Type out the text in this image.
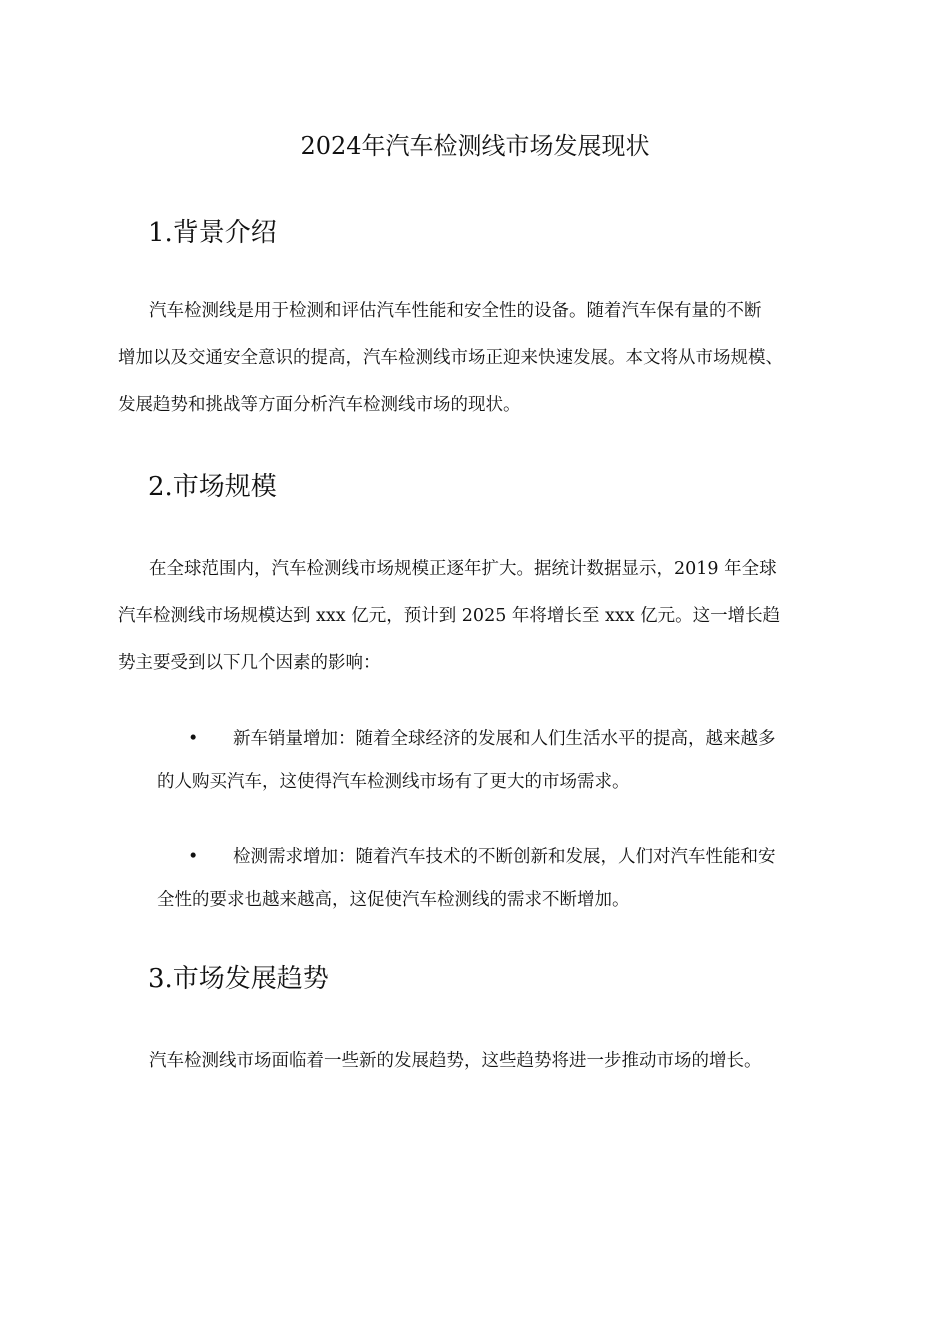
2024年汽车检测线市场发展现状
1.背景介绍
汽车检测线是用于检测和评估汽车性能和安全性的设备。随着汽车保有量的不断
增加以及交通安全意识的提高，汽车检测线市场正迎来快速发展。本文将从市场规模、
发展趋势和挑战等方面分析汽车检测线市场的现状。
2.市场规模
在全球范围内，汽车检测线市场规模正逐年扩大。据统计数据显示，2019 年全球
汽车检测线市场规模达到 xxx 亿元，预计到 2025 年将增长至 xxx 亿元。这一增长趋
势主要受到以下几个因素的影响：
•	新车销量增加：随着全球经济的发展和人们生活水平的提高，越来越多
的人购买汽车，这使得汽车检测线市场有了更大的市场需求。
•	检测需求增加：随着汽车技术的不断创新和发展，人们对汽车性能和安
全性的要求也越来越高，这促使汽车检测线的需求不断增加。
3.市场发展趋势
汽车检测线市场面临着一些新的发展趋势，这些趋势将进一步推动市场的增长。
